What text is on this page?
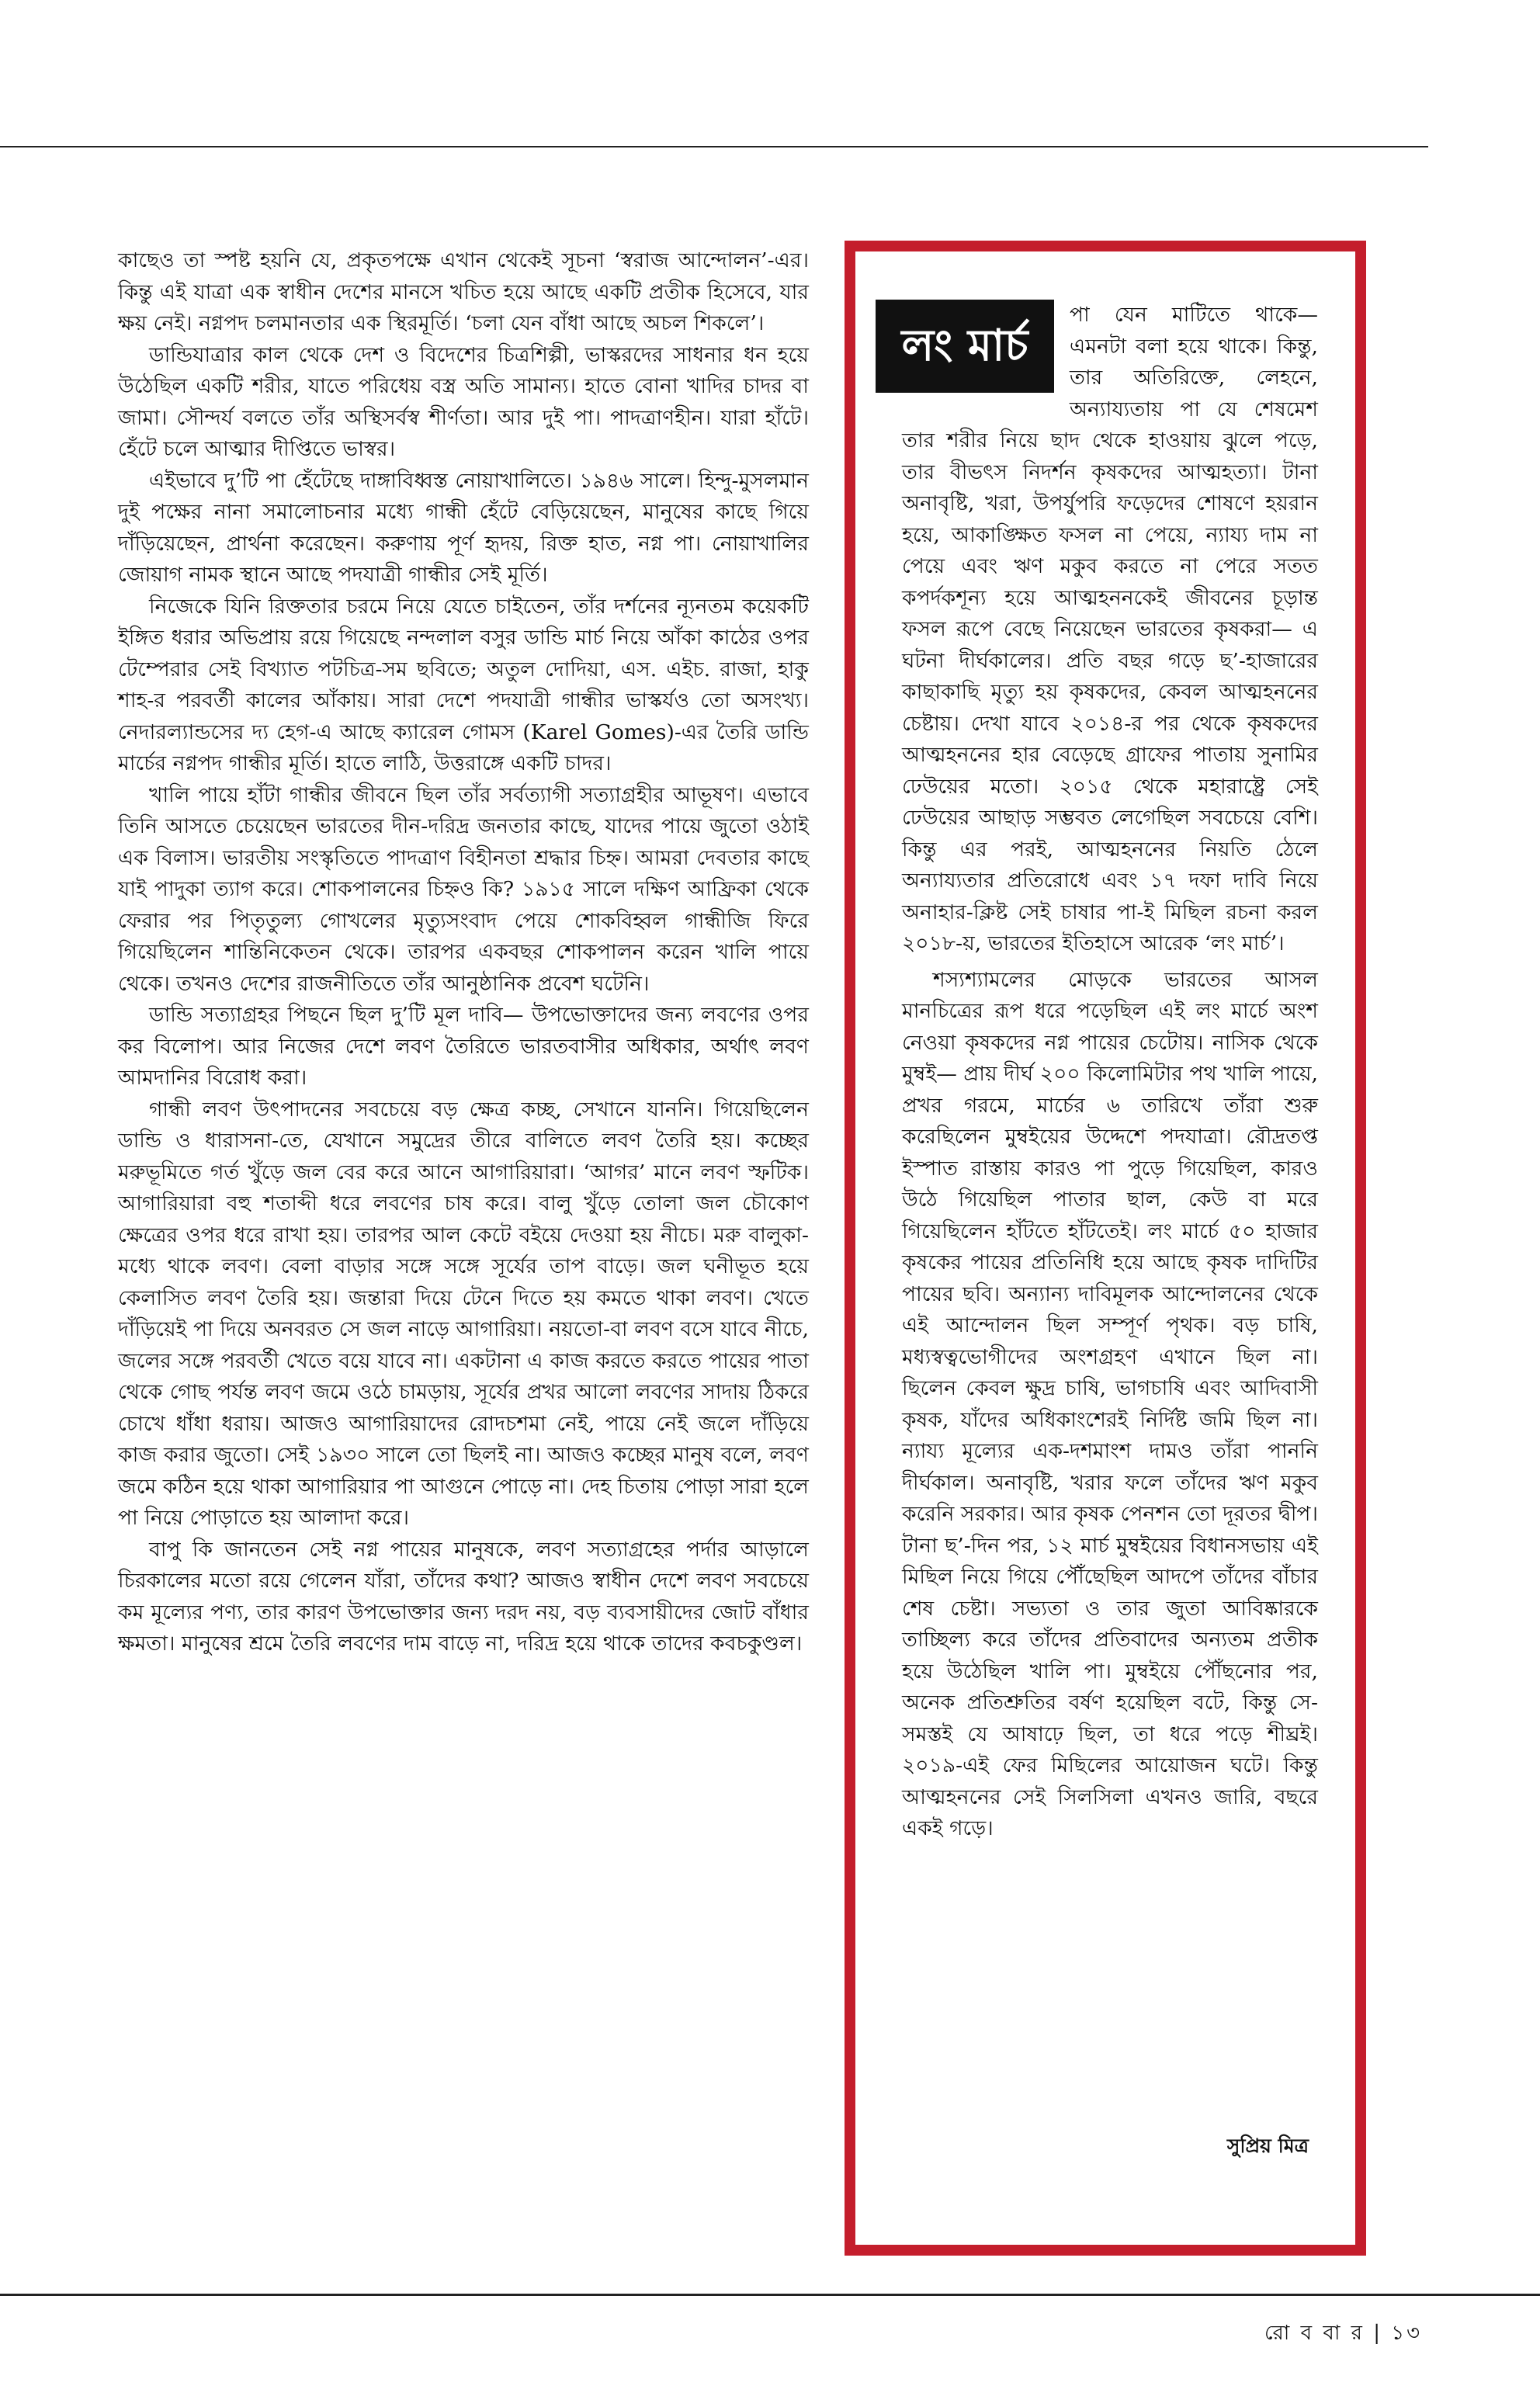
কাছেও তা স্পষ্ট হয়নি যে, প্রকৃতপক্ষে এখান থেকেই সূচনা ‘স্বরাজ আন্দোলন’-এর। কিন্তু এই যাত্রা এক স্বাধীন দেশের মানসে খচিত হয়ে আছে একটি প্রতীক হিসেবে, যার ক্ষয় নেই। নগ্নপদ চলমানতার এক স্থিরমূর্তি। ‘চলা যেন বাঁধা আছে অচল শিকলে’।

ডান্ডিযাত্রার কাল থেকে দেশ ও বিদেশের চিত্রশিল্পী, ভাস্করদের সাধনার ধন হয়ে উঠেছিল একটি শরীর, যাতে পরিধেয় বস্ত্র অতি সামান্য। হাতে বোনা খাদির চাদর বা জামা। সৌন্দর্য বলতে তাঁর অস্থিসর্বস্ব শীর্ণতা। আর দুই পা। পাদত্রাণহীন। যারা হাঁটে। হেঁটে চলে আত্মার দীপ্তিতে ভাস্বর।

এইভাবে দু’টি পা হেঁটেছে দাঙ্গাবিধ্বস্ত নোয়াখালিতে। ১৯৪৬ সালে। হিন্দু-মুসলমান দুই পক্ষের নানা সমালোচনার মধ্যে গান্ধী হেঁটে বেড়িয়েছেন, মানুষের কাছে গিয়ে দাঁড়িয়েছেন, প্রার্থনা করেছেন। করুণায় পূর্ণ হৃদয়, রিক্ত হাত, নগ্ন পা। নোয়াখালির জোয়াগ নামক স্থানে আছে পদযাত্রী গান্ধীর সেই মূর্তি।

নিজেকে যিনি রিক্ততার চরমে নিয়ে যেতে চাইতেন, তাঁর দর্শনের ন্যূনতম কয়েকটি ইঙ্গিত ধরার অভিপ্রায় রয়ে গিয়েছে নন্দলাল বসুর ডান্ডি মার্চ নিয়ে আঁকা কাঠের ওপর টেম্পেরার সেই বিখ্যাত পটচিত্র-সম ছবিতে; অতুল দোদিয়া, এস. এইচ. রাজা, হাকু শাহ-র পরবর্তী কালের আঁকায়। সারা দেশে পদযাত্রী গান্ধীর ভাস্কর্যও তো অসংখ্য। নেদারল্যান্ডসের দ্য হেগ-এ আছে ক্যারেল গোমস (Karel Gomes)-এর তৈরি ডান্ডি মার্চের নগ্নপদ গান্ধীর মূর্তি। হাতে লাঠি, উত্তরাঙ্গে একটি চাদর।

খালি পায়ে হাঁটা গান্ধীর জীবনে ছিল তাঁর সর্বত্যাগী সত্যাগ্রহীর আভূষণ। এভাবে তিনি আসতে চেয়েছেন ভারতের দীন-দরিদ্র জনতার কাছে, যাদের পায়ে জুতো ওঠাই এক বিলাস। ভারতীয় সংস্কৃতিতে পাদত্রাণ বিহীনতা শ্রদ্ধার চিহ্ন। আমরা দেবতার কাছে যাই পাদুকা ত্যাগ করে। শোকপালনের চিহ্নও কি? ১৯১৫ সালে দক্ষিণ আফ্রিকা থেকে ফেরার পর পিতৃতুল্য গোখলের মৃত্যুসংবাদ পেয়ে শোকবিহ্বল গান্ধীজি ফিরে গিয়েছিলেন শান্তিনিকেতন থেকে। তারপর একবছর শোকপালন করেন খালি পায়ে থেকে। তখনও দেশের রাজনীতিতে তাঁর আনুষ্ঠানিক প্রবেশ ঘটেনি।

ডান্ডি সত্যাগ্রহর পিছনে ছিল দু’টি মূল দাবি— উপভোক্তাদের জন্য লবণের ওপর কর বিলোপ। আর নিজের দেশে লবণ তৈরিতে ভারতবাসীর অধিকার, অর্থাৎ লবণ আমদানির বিরোধ করা।

গান্ধী লবণ উৎপাদনের সবচেয়ে বড় ক্ষেত্র কচ্ছ, সেখানে যাননি। গিয়েছিলেন ডান্ডি ও ধারাসনা-তে, যেখানে সমুদ্রের তীরে বালিতে লবণ তৈরি হয়। কচ্ছের মরুভূমিতে গর্ত খুঁড়ে জল বের করে আনে আগারিয়ারা। ‘আগর’ মানে লবণ স্ফটিক। আগারিয়ারা বহু শতাব্দী ধরে লবণের চাষ করে। বালু খুঁড়ে তোলা জল চৌকোণ ক্ষেত্রের ওপর ধরে রাখা হয়। তারপর আল কেটে বইয়ে দেওয়া হয় নীচে। মরু বালুকা-মধ্যে থাকে লবণ। বেলা বাড়ার সঙ্গে সঙ্গে সূর্যের তাপ বাড়ে। জল ঘনীভূত হয়ে কেলাসিত লবণ তৈরি হয়। জন্তারা দিয়ে টেনে দিতে হয় কমতে থাকা লবণ। খেতে দাঁড়িয়েই পা দিয়ে অনবরত সে জল নাড়ে আগারিয়া। নয়তো-বা লবণ বসে যাবে নীচে, জলের সঙ্গে পরবর্তী খেতে বয়ে যাবে না। একটানা এ কাজ করতে করতে পায়ের পাতা থেকে গোছ পর্যন্ত লবণ জমে ওঠে চামড়ায়, সূর্যের প্রখর আলো লবণের সাদায় ঠিকরে চোখে ধাঁধা ধরায়। আজও আগারিয়াদের রোদচশমা নেই, পায়ে নেই জলে দাঁড়িয়ে কাজ করার জুতো। সেই ১৯৩০ সালে তো ছিলই না। আজও কচ্ছের মানুষ বলে, লবণ জমে কঠিন হয়ে থাকা আগারিয়ার পা আগুনে পোড়ে না। দেহ চিতায় পোড়া সারা হলে পা নিয়ে পোড়াতে হয় আলাদা করে।

বাপু কি জানতেন সেই নগ্ন পায়ের মানুষকে, লবণ সত্যাগ্রহের পর্দার আড়ালে চিরকালের মতো রয়ে গেলেন যাঁরা, তাঁদের কথা? আজও স্বাধীন দেশে লবণ সবচেয়ে কম মূল্যের পণ্য, তার কারণ উপভোক্তার জন্য দরদ নয়, বড় ব্যবসায়ীদের জোট বাঁধার ক্ষমতা। মানুষের শ্রমে তৈরি লবণের দাম বাড়ে না, দরিদ্র হয়ে থাকে তাদের কবচকুণ্ডল।

লং মার্চ

পা যেন মাটিতে থাকে— এমনটা বলা হয়ে থাকে। কিন্তু, তার অতিরিক্তে, লেহনে, অন্যায্যতায় পা যে শেষমেশ তার শরীর নিয়ে ছাদ থেকে হাওয়ায় ঝুলে পড়ে, তার বীভৎস নিদর্শন কৃষকদের আত্মহত্যা। টানা অনাবৃষ্টি, খরা, উপর্যুপরি ফড়েদের শোষণে হয়রান হয়ে, আকাঙ্ক্ষিত ফসল না পেয়ে, ন্যায্য দাম না পেয়ে এবং ঋণ মকুব করতে না পেরে সতত কপর্দকশূন্য হয়ে আত্মহননকেই জীবনের চূড়ান্ত ফসল রূপে বেছে নিয়েছেন ভারতের কৃষকরা— এ ঘটনা দীর্ঘকালের। প্রতি বছর গড়ে ছ’-হাজারের কাছাকাছি মৃত্যু হয় কৃষকদের, কেবল আত্মহননের চেষ্টায়। দেখা যাবে ২০১৪-র পর থেকে কৃষকদের আত্মহননের হার বেড়েছে গ্রাফের পাতায় সুনামির ঢেউয়ের মতো। ২০১৫ থেকে মহারাষ্ট্রে সেই ঢেউয়ের আছাড় সম্ভবত লেগেছিল সবচেয়ে বেশি। কিন্তু এর পরই, আত্মহননের নিয়তি ঠেলে অন্যায্যতার প্রতিরোধে এবং ১৭ দফা দাবি নিয়ে অনাহার-ক্লিষ্ট সেই চাষার পা-ই মিছিল রচনা করল ২০১৮-য়, ভারতের ইতিহাসে আরেক ‘লং মার্চ’।

শস্যশ্যামলের মোড়কে ভারতের আসল মানচিত্রের রূপ ধরে পড়েছিল এই লং মার্চে অংশ নেওয়া কৃষকদের নগ্ন পায়ের চেটোয়। নাসিক থেকে মুম্বই— প্রায় দীর্ঘ ২০০ কিলোমিটার পথ খালি পায়ে, প্রখর গরমে, মার্চের ৬ তারিখে তাঁরা শুরু করেছিলেন মুম্বইয়ের উদ্দেশে পদযাত্রা। রৌদ্রতপ্ত ইস্পাত রাস্তায় কারও পা পুড়ে গিয়েছিল, কারও উঠে গিয়েছিল পাতার ছাল, কেউ বা মরে গিয়েছিলেন হাঁটতে হাঁটতেই। লং মার্চে ৫০ হাজার কৃষকের পায়ের প্রতিনিধি হয়ে আছে কৃষক দাদিটির পায়ের ছবি। অন্যান্য দাবিমূলক আন্দোলনের থেকে এই আন্দোলন ছিল সম্পূর্ণ পৃথক। বড় চাষি, মধ্যস্বত্বভোগীদের অংশগ্রহণ এখানে ছিল না। ছিলেন কেবল ক্ষুদ্র চাষি, ভাগচাষি এবং আদিবাসী কৃষক, যাঁদের অধিকাংশেরই নির্দিষ্ট জমি ছিল না। ন্যায্য মূল্যের এক-দশমাংশ দামও তাঁরা পাননি দীর্ঘকাল। অনাবৃষ্টি, খরার ফলে তাঁদের ঋণ মকুব করেনি সরকার। আর কৃষক পেনশন তো দূরতর দ্বীপ। টানা ছ’-দিন পর, ১২ মার্চ মুম্বইয়ের বিধানসভায় এই মিছিল নিয়ে গিয়ে পৌঁছেছিল আদপে তাঁদের বাঁচার শেষ চেষ্টা। সভ্যতা ও তার জুতা আবিষ্কারকে তাচ্ছিল্য করে তাঁদের প্রতিবাদের অন্যতম প্রতীক হয়ে উঠেছিল খালি পা। মুম্বইয়ে পৌঁছনোর পর, অনেক প্রতিশ্রুতির বর্ষণ হয়েছিল বটে, কিন্তু সে-সমস্তই যে আষাঢ়ে ছিল, তা ধরে পড়ে শীঘ্রই। ২০১৯-এই ফের মিছিলের আয়োজন ঘটে। কিন্তু আত্মহননের সেই সিলসিলা এখনও জারি, বছরে একই গড়ে।

সুপ্রিয় মিত্র
রো ব বা র | ১৩
